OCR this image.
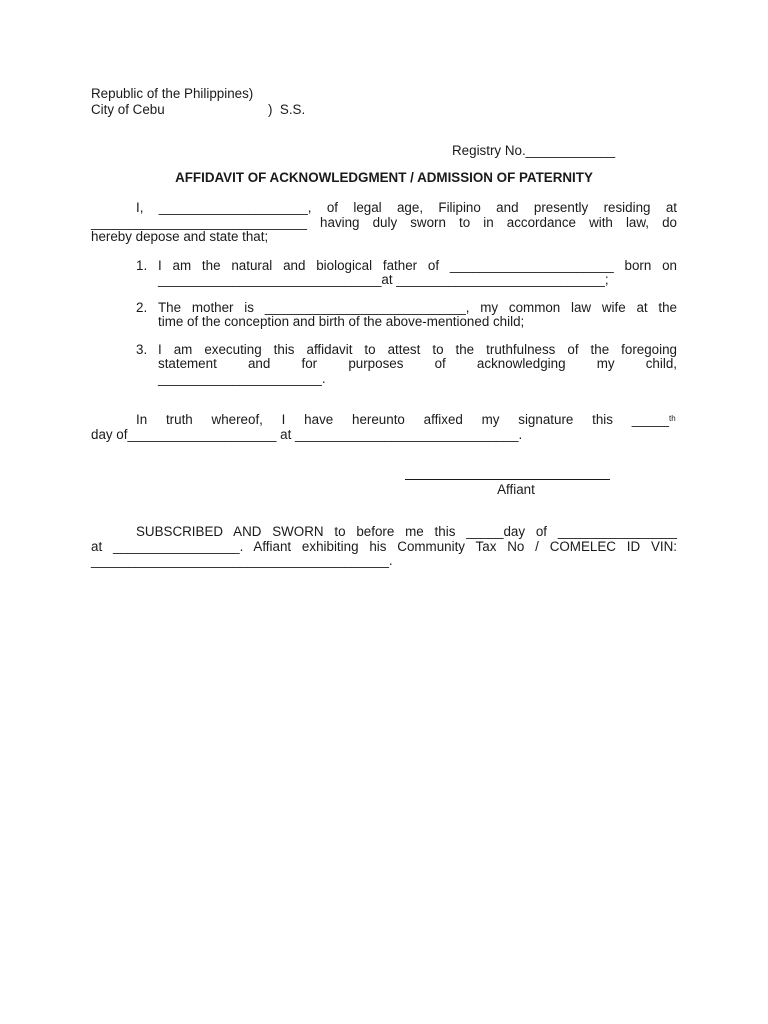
Republic of the Philippines)
City of Cebu	)  S.S.
Registry No.____________
AFFIDAVIT OF ACKNOWLEDGMENT / ADMISSION OF PATERNITY
I, ____________________, of legal age, Filipino and presently residing at
_____________________________ having duly sworn to in accordance with law, do
hereby depose and state that;
1. I am the natural and biological father of ______________________ born on
______________________________at ____________________________;
2. The mother is ___________________________, my common law wife at the
time of the conception and birth of the above-mentioned child;
3. I am executing this affidavit to attest to the truthfulness of the foregoing
statement and for purposes of acknowledging my child,
______________________.
In truth whereof, I have hereunto affixed my signature this _____ $^{th}$
day of____________________ at ______________________________.
Affiant
SUBSCRIBED AND SWORN to before me this _____day of ________________
at _________________. Affiant exhibiting his Community Tax No / COMELEC ID VIN:
________________________________________.
